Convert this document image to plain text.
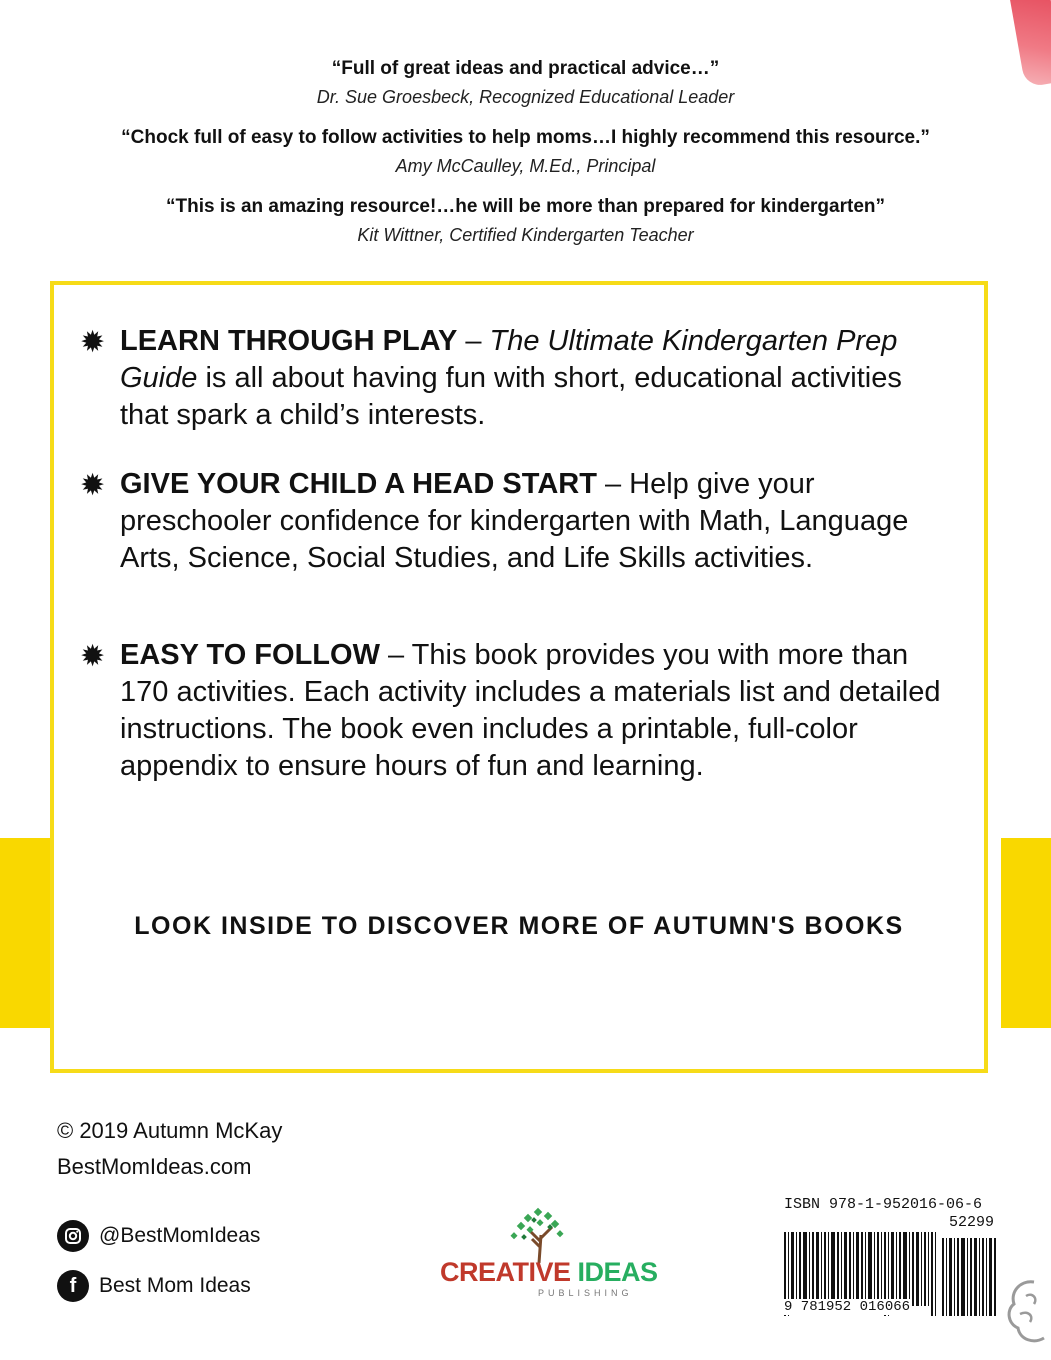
“Full of great ideas and practical advice…”
Dr. Sue Groesbeck, Recognized Educational Leader
“Chock full of easy to follow activities to help moms…I highly recommend this resource.”
Amy McCaulley, M.Ed., Principal
“This is an amazing resource!…he will be more than prepared for kindergarten”
Kit Wittner, Certified Kindergarten Teacher
✹ LEARN THROUGH PLAY – The Ultimate Kindergarten Prep Guide is all about having fun with short, educational activities that spark a child’s interests.
✹ GIVE YOUR CHILD A HEAD START – Help give your preschooler confidence for kindergarten with Math, Language Arts, Science, Social Studies, and Life Skills activities.
✹ EASY TO FOLLOW – This book provides you with more than 170 activities. Each activity includes a materials list and detailed instructions. The book even includes a printable, full-color appendix to ensure hours of fun and learning.
LOOK INSIDE TO DISCOVER MORE OF AUTUMN'S BOOKS
© 2019 Autumn McKay
BestMomIdeas.com
@BestMomIdeas
f	Best Mom Ideas	CREATIVE IDEAS
PUBLISHING
ISBN 978-1-952016-06-6
52299
9 781952 016066
